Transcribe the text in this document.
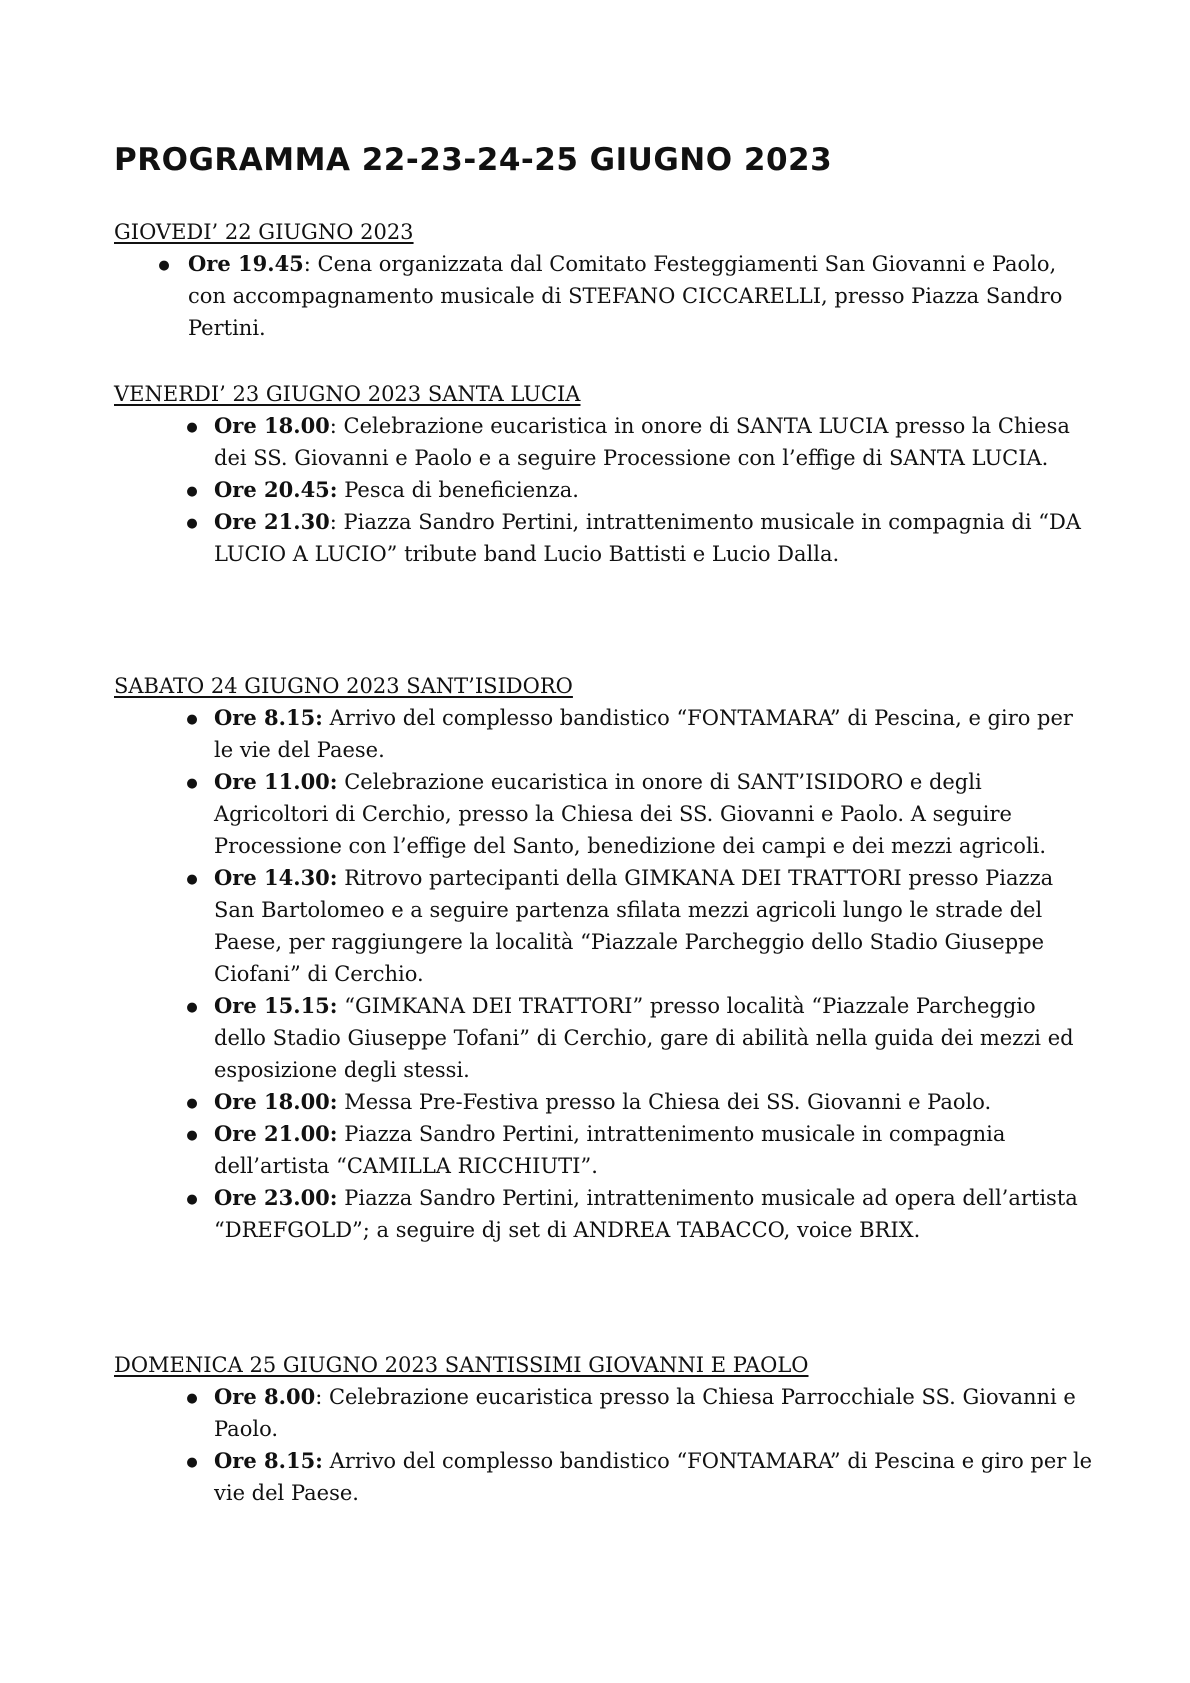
PROGRAMMA 22-23-24-25 GIUGNO 2023
GIOVEDI’ 22 GIUGNO 2023
●
Ore 19.45: Cena organizzata dal Comitato Festeggiamenti San Giovanni e Paolo, con accompagnamento musicale di STEFANO CICCARELLI, presso Piazza Sandro Pertini.
VENERDI’ 23 GIUGNO 2023 SANTA LUCIA
●
Ore 18.00: Celebrazione eucaristica in onore di SANTA LUCIA presso la Chiesa dei SS. Giovanni e Paolo e a seguire Processione con l’effige di SANTA LUCIA.
●
Ore 20.45: Pesca di beneficienza.
●
Ore 21.30: Piazza Sandro Pertini, intrattenimento musicale in compagnia di “DA LUCIO A LUCIO” tribute band Lucio Battisti e Lucio Dalla.
SABATO 24 GIUGNO 2023 SANT’ISIDORO
●
Ore 8.15: Arrivo del complesso bandistico “FONTAMARA” di Pescina, e giro per le vie del Paese.
●
Ore 11.00: Celebrazione eucaristica in onore di SANT’ISIDORO e degli Agricoltori di Cerchio, presso la Chiesa dei SS. Giovanni e Paolo. A seguire Processione con l’effige del Santo, benedizione dei campi e dei mezzi agricoli.
●
Ore 14.30: Ritrovo partecipanti della GIMKANA DEI TRATTORI presso Piazza San Bartolomeo e a seguire partenza sfilata mezzi agricoli lungo le strade del Paese, per raggiungere la località “Piazzale Parcheggio dello Stadio Giuseppe Ciofani” di Cerchio.
●
Ore 15.15: “GIMKANA DEI TRATTORI” presso località “Piazzale Parcheggio dello Stadio Giuseppe Tofani” di Cerchio, gare di abilità nella guida dei mezzi ed esposizione degli stessi.
●
Ore 18.00: Messa Pre-Festiva presso la Chiesa dei SS. Giovanni e Paolo.
●
Ore 21.00: Piazza Sandro Pertini, intrattenimento musicale in compagnia dell’artista “CAMILLA RICCHIUTI”.
●
Ore 23.00: Piazza Sandro Pertini, intrattenimento musicale ad opera dell’artista “DREFGOLD”; a seguire dj set di ANDREA TABACCO, voice BRIX.
DOMENICA 25 GIUGNO 2023 SANTISSIMI GIOVANNI E PAOLO
●
Ore 8.00: Celebrazione eucaristica presso la Chiesa Parrocchiale SS. Giovanni e Paolo.
●
Ore 8.15: Arrivo del complesso bandistico “FONTAMARA” di Pescina e giro per le vie del Paese.
